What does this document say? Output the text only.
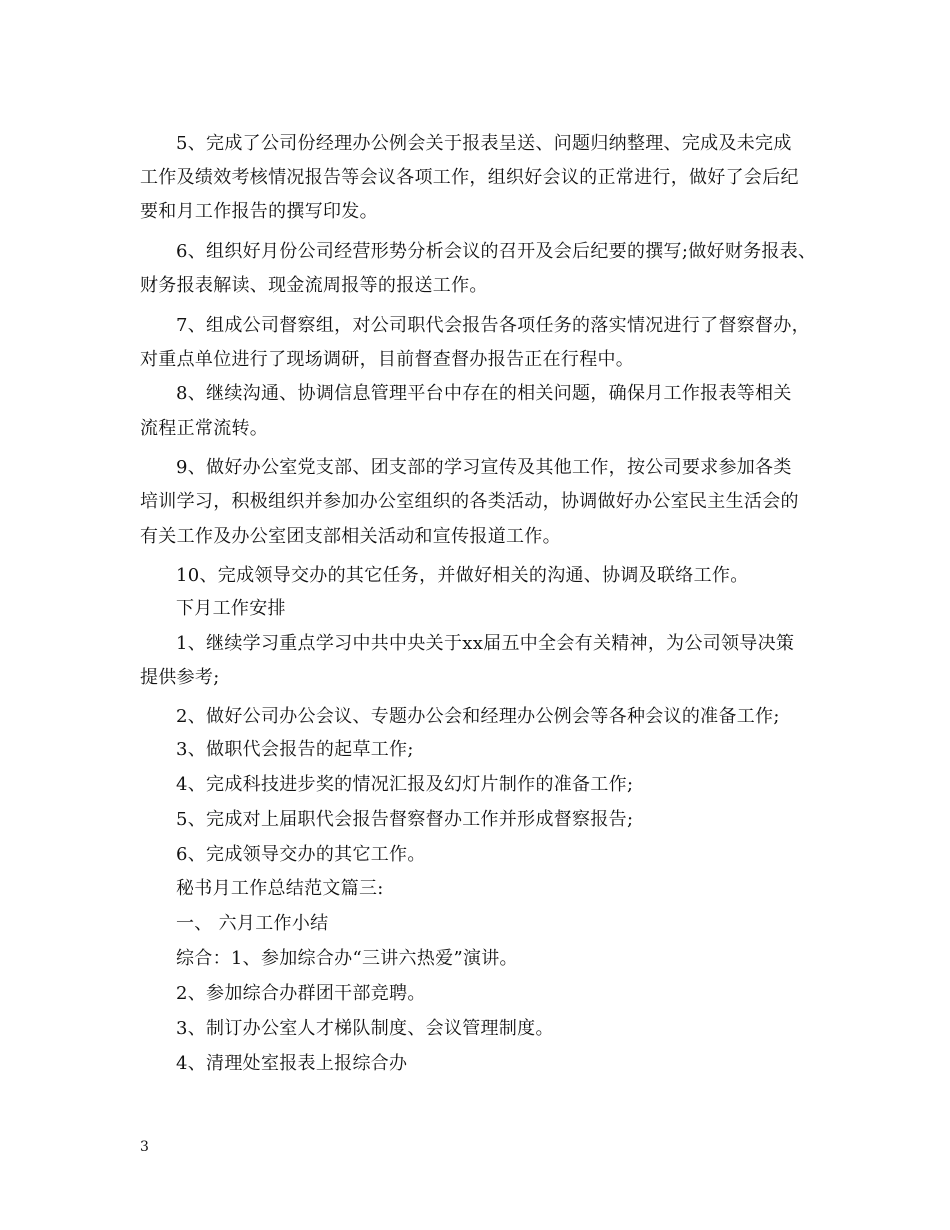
5、完成了公司份经理办公例会关于报表呈送、问题归纳整理、完成及未完成
工作及绩效考核情况报告等会议各项工作，组织好会议的正常进行，做好了会后纪
要和月工作报告的撰写印发。
6、组织好月份公司经营形势分析会议的召开及会后纪要的撰写;做好财务报表、
财务报表解读、现金流周报等的报送工作。
7、组成公司督察组，对公司职代会报告各项任务的落实情况进行了督察督办，
对重点单位进行了现场调研，目前督查督办报告正在行程中。
8、继续沟通、协调信息管理平台中存在的相关问题，确保月工作报表等相关
流程正常流转。
9、做好办公室党支部、团支部的学习宣传及其他工作，按公司要求参加各类
培训学习，积极组织并参加办公室组织的各类活动，协调做好办公室民主生活会的
有关工作及办公室团支部相关活动和宣传报道工作。
10、完成领导交办的其它任务，并做好相关的沟通、协调及联络工作。
下月工作安排
1、继续学习重点学习中共中央关于xx届五中全会有关精神，为公司领导决策
提供参考;
2、做好公司办公会议、专题办公会和经理办公例会等各种会议的准备工作;
3、做职代会报告的起草工作;
4、完成科技进步奖的情况汇报及幻灯片制作的准备工作;
5、完成对上届职代会报告督察督办工作并形成督察报告;
6、完成领导交办的其它工作。
秘书月工作总结范文篇三:
一、 六月工作小结
综合：1、参加综合办“三讲六热爱”演讲。
2、参加综合办群团干部竞聘。
3、制订办公室人才梯队制度、会议管理制度。
4、清理处室报表上报综合办
3
